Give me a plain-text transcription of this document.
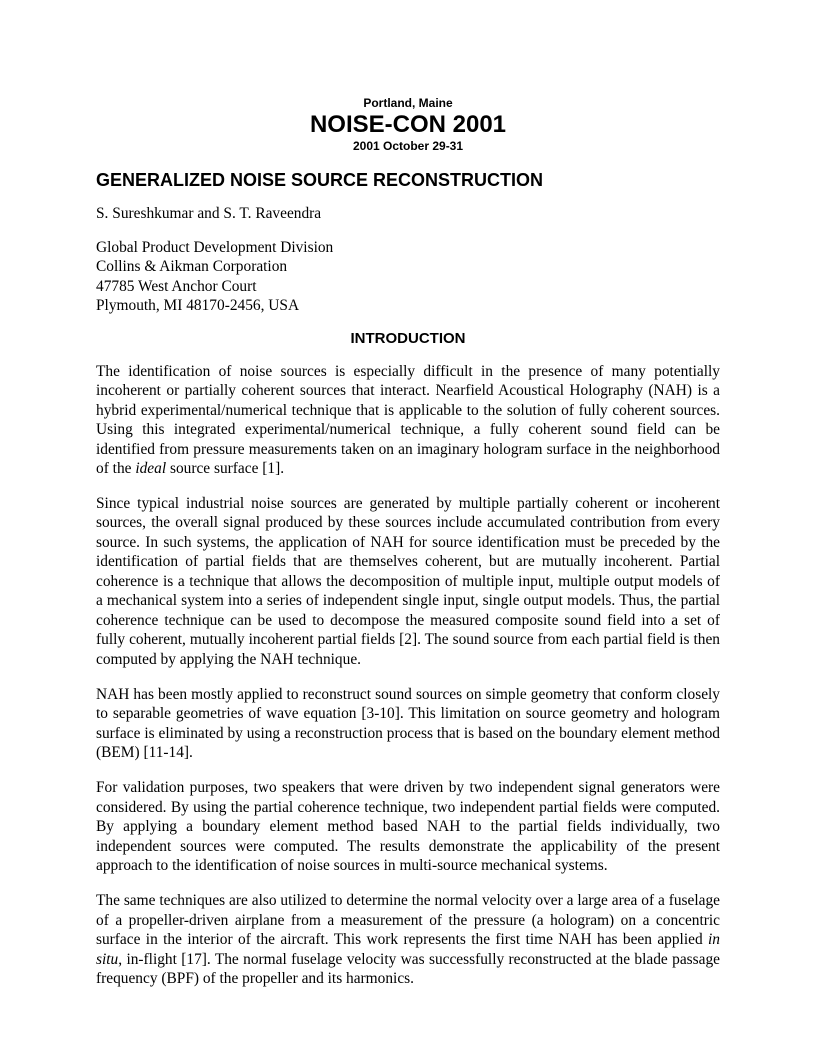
Portland, Maine
NOISE-CON 2001
2001 October 29-31
GENERALIZED NOISE SOURCE RECONSTRUCTION
S. Sureshkumar and S. T. Raveendra
Global Product Development Division
Collins & Aikman Corporation
47785 West Anchor Court
Plymouth, MI 48170-2456, USA
INTRODUCTION

The identification of noise sources is especially difficult in the presence of many potentially incoherent or partially coherent sources that interact. Nearfield Acoustical Holography (NAH) is a hybrid experimental/numerical technique that is applicable to the solution of fully coherent sources. Using this integrated experimental/numerical technique, a fully coherent sound field can be identified from pressure measurements taken on an imaginary hologram surface in the neighborhood of the ideal source surface [1].

Since typical industrial noise sources are generated by multiple partially coherent or incoherent sources, the overall signal produced by these sources include accumulated contribution from every source. In such systems, the application of NAH for source identification must be preceded by the identification of partial fields that are themselves coherent, but are mutually incoherent. Partial coherence is a technique that allows the decomposition of multiple input, multiple output models of a mechanical system into a series of independent single input, single output models. Thus, the partial coherence technique can be used to decompose the measured composite sound field into a set of fully coherent, mutually incoherent partial fields [2]. The sound source from each partial field is then computed by applying the NAH technique.

NAH has been mostly applied to reconstruct sound sources on simple geometry that conform closely to separable geometries of wave equation [3-10]. This limitation on source geometry and hologram surface is eliminated by using a reconstruction process that is based on the boundary element method (BEM) [11-14].

For validation purposes, two speakers that were driven by two independent signal generators were considered. By using the partial coherence technique, two independent partial fields were computed. By applying a boundary element method based NAH to the partial fields individually, two independent sources were computed. The results demonstrate the applicability of the present approach to the identification of noise sources in multi-source mechanical systems.

The same techniques are also utilized to determine the normal velocity over a large area of a fuselage of a propeller-driven airplane from a measurement of the pressure (a hologram) on a concentric surface in the interior of the aircraft. This work represents the first time NAH has been applied in situ, in-flight [17]. The normal fuselage velocity was successfully reconstructed at the blade passage frequency (BPF) of the propeller and its harmonics.
